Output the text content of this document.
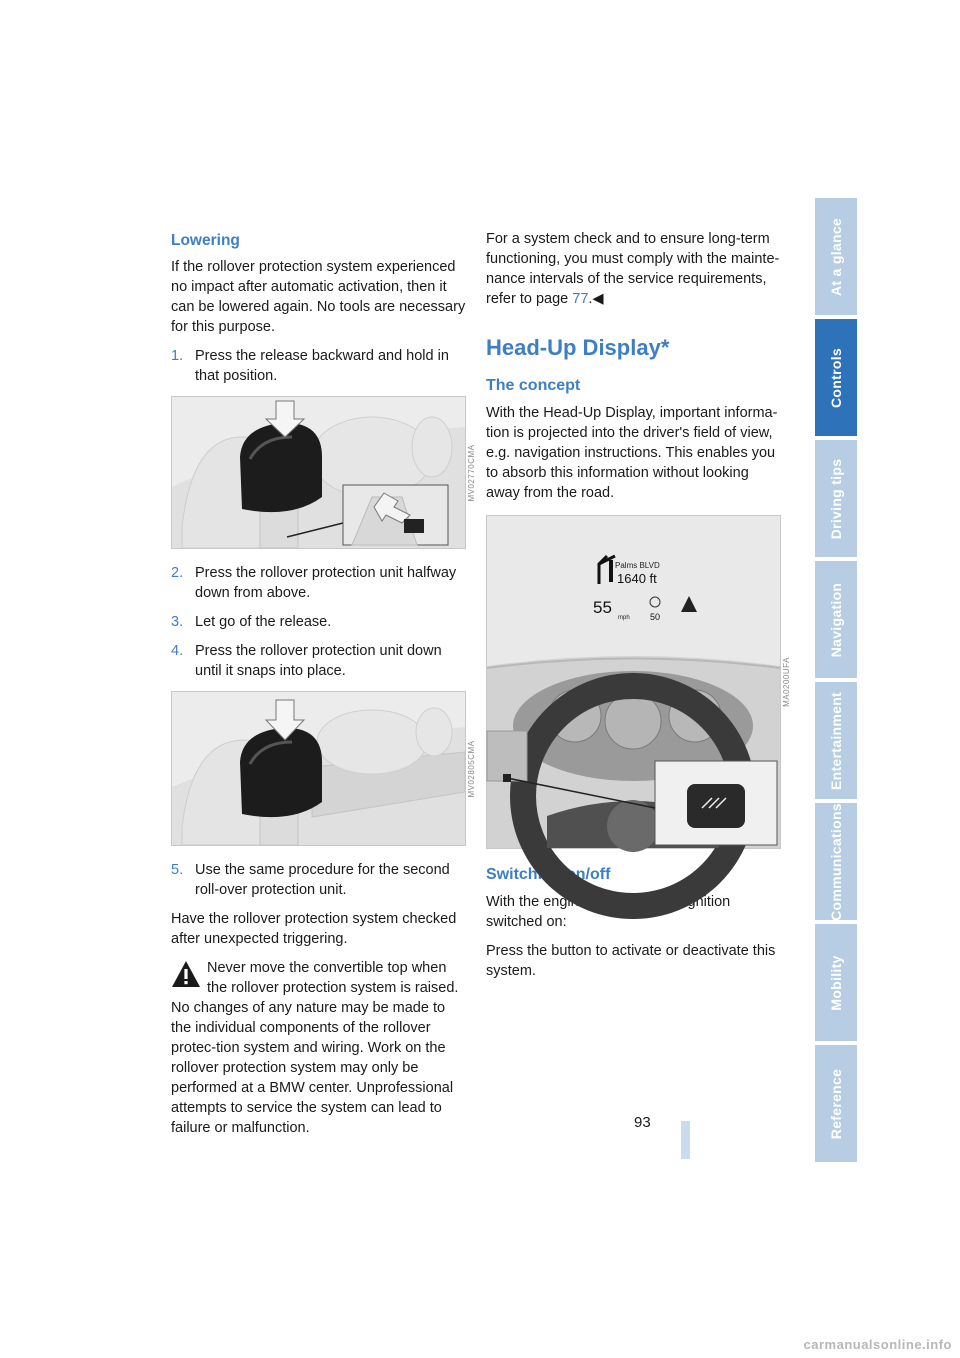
Lowering

If the rollover protection system experienced no impact after automatic activation, then it can be lowered again. No tools are necessary for this purpose.

1. Press the release backward and hold in that position.
MV02770CMA
2. Press the rollover protection unit halfway down from above.
3. Let go of the release.
4. Press the rollover protection unit down until it snaps into place.
MV02805CMA
5. Use the same procedure for the second roll-over protection unit.

Have the rollover protection system checked after unexpected triggering.

Never move the convertible top when the rollover protection system is raised.

No changes of any nature may be made to the individual components of the rollover protec-tion system and wiring. Work on the rollover protection system may only be performed at a BMW center. Unprofessional attempts to service the system can lead to failure or malfunction.

For a system check and to ensure long-term functioning, you must comply with the mainte-nance intervals of the service requirements, refer to page 77.◀

Head-Up Display*
The concept

With the Head-Up Display, important informa-tion is projected into the driver's field of view, e.g. navigation instructions. This enables you to absorb this information without looking away from the road.

Palms BLVD
1640 ft
55
mph 50
MA0200UFA
Switching on/off

With the engine running or the ignition switched on:

Press the button to activate or deactivate this system.

93
At a glance
Controls
Driving tips
Navigation
Entertainment
Communications
Mobility
Reference
carmanualsonline.info
